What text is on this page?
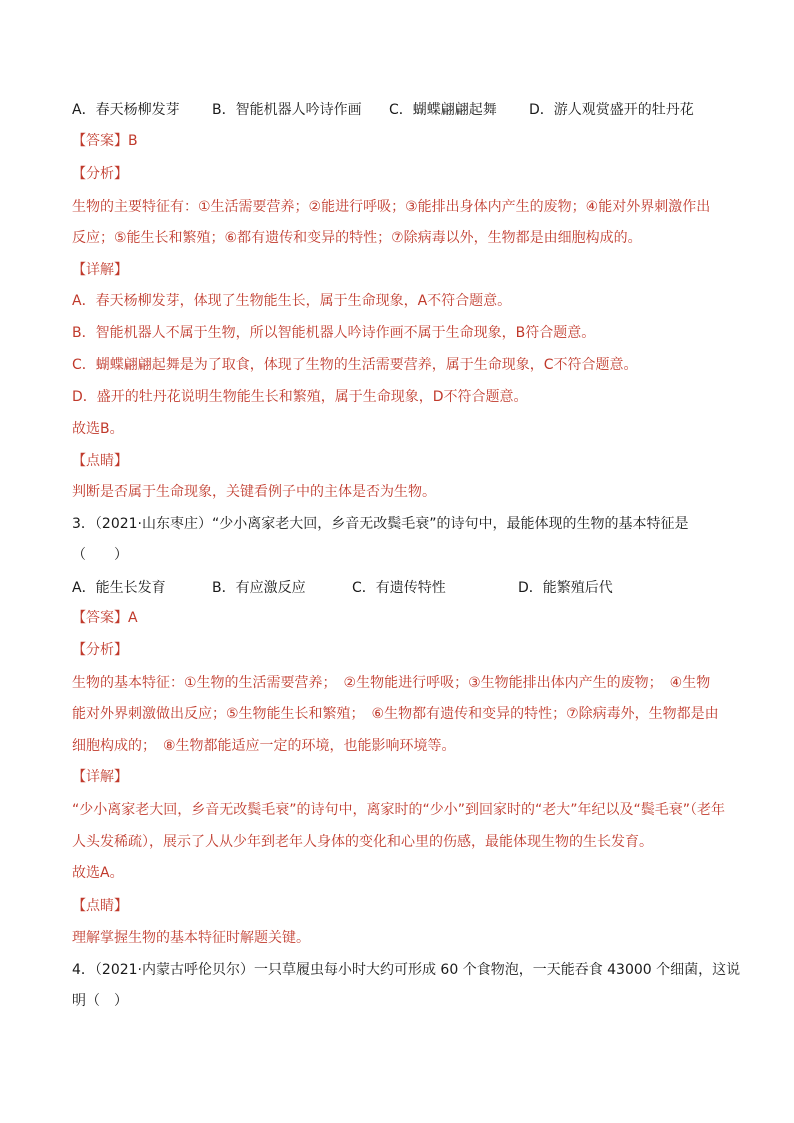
A．春天杨柳发芽 B．智能机器人吟诗作画 C．蝴蝶翩翩起舞 D．游人观赏盛开的牡丹花
【答案】B
【分析】
生物的主要特征有：①生活需要营养；②能进行呼吸；③能排出身体内产生的废物；④能对外界刺激作出
反应；⑤能生长和繁殖；⑥都有遗传和变异的特性；⑦除病毒以外，生物都是由细胞构成的。
【详解】
A．春天杨柳发芽，体现了生物能生长，属于生命现象，A不符合题意。
B．智能机器人不属于生物，所以智能机器人吟诗作画不属于生命现象，B符合题意。
C．蝴蝶翩翩起舞是为了取食，体现了生物的生活需要营养，属于生命现象，C不符合题意。
D．盛开的牡丹花说明生物能生长和繁殖，属于生命现象，D不符合题意。
故选B。
【点睛】
判断是否属于生命现象，关键看例子中的主体是否为生物。
3．（2021·山东枣庄）“少小离家老大回，乡音无改鬓毛衰”的诗句中，最能体现的生物的基本特征是
（　　）
A．能生长发育	B．有应激反应	C．有遗传特性	D．能繁殖后代
【答案】A
【分析】
生物的基本特征：①生物的生活需要营养；　②生物能进行呼吸；③生物能排出体内产生的废物；　④生物
能对外界刺激做出反应；⑤生物能生长和繁殖；　⑥生物都有遗传和变异的特性；⑦除病毒外，生物都是由
细胞构成的；　⑧生物都能适应一定的环境，也能影响环境等。
【详解】
“少小离家老大回，乡音无改鬓毛衰”的诗句中，离家时的“少小”到回家时的“老大”年纪以及“鬓毛衰”（老年
人头发稀疏），展示了人从少年到老年人身体的变化和心里的伤感，最能体现生物的生长发育。
故选A。
【点睛】
理解掌握生物的基本特征时解题关键。
4．（2021·内蒙古呼伦贝尔）一只草履虫每小时大约可形成 60 个食物泡，一天能吞食 43000 个细菌，这说
明（　）
